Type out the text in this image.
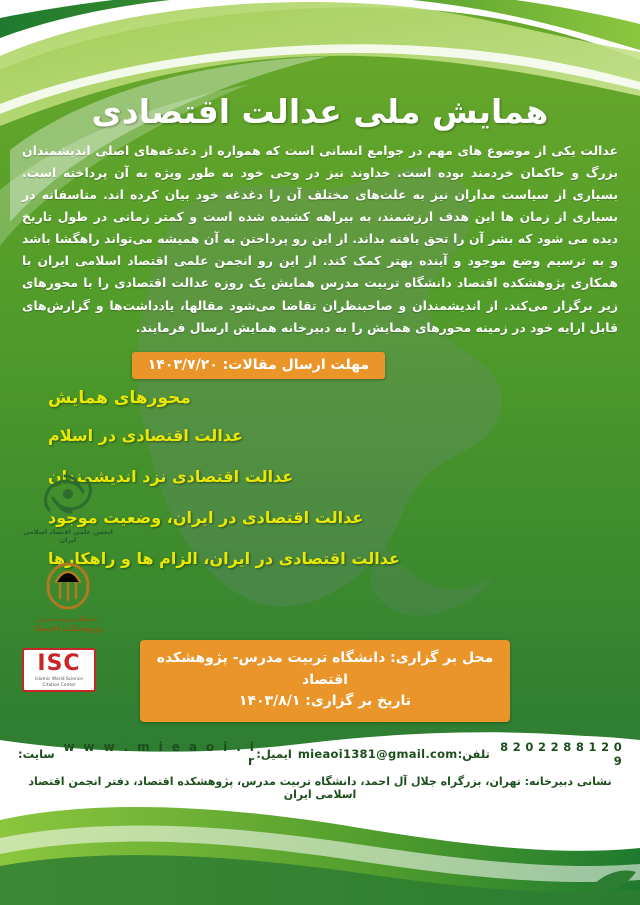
همایش ملی عدالت اقتصادی
عدالت یکی از موضوع های مهم در جوامع انسانی است که همواره از دغدغه‌های اصلی اندیشمندان بزرگ و حاکمان خردمند بوده است. خداوند نیز در وحی خود به طور ویژه به آن پرداخته است. بسیاری از سیاست مداران نیز به علت‌های مختلف آن را دغدغه خود بیان کرده اند. متاسفانه در بسیاری از زمان ها این هدف ارزشمند، به بیراهه کشیده شده است و کمتر زمانی در طول تاریخ دیده می شود که بشر آن را تحق یافته بداند. از این رو پرداختن به آن همیشه می‌تواند راهگشا باشد و به ترسیم وضع موجود و آینده بهتر کمک کند. از این رو انجمن علمی اقتصاد اسلامی ایران با همکاری پژوهشکده اقتصاد دانشگاه تربیت مدرس همایش یک روزه عدالت اقتصادی را با محورهای زیر برگزار می‌کند. از اندیشمندان و صاحبنظران تقاضا می‌شود مقالها، یادداشت‌ها و گزارش‌های قابل ارایه خود در زمینه محورهای همایش را به دبیرخانه همایش ارسال فرمایند.
مهلت ارسال مقالات: ۱۴۰۳/۷/۲۰
محورهای همایش
عدالت اقتصادی در اسلام
عدالت اقتصادی نزد اندیشمندان
عدالت اقتصادی در ایران، وضعیت موجود
عدالت اقتصادی در ایران، الزام ها و راهکارها
محل بر گزاری: دانشگاه تربیت مدرس- پژوهشکده اقتصاد
تاریخ بر گزاری: ۱۴۰۳/۸/۱
انجمن علمی اقتصاد اسلامی ایران
دانشگاه تربیت مدرس
پژوهشکده اقتصاد
ISC
Islamic World Science Citation Center
0 2 1 8 8 2 2 0 2 8 9
تلفن:
mieaoi1381@gmail.com
ایمیل:
w w w . m i e a o i . i r
سایت:
نشانی دبیرخانه: تهران، بزرگراه جلال آل احمد، دانشگاه تربیت مدرس، پژوهشکده اقتصاد، دفتر انجمن اقتصاد اسلامی ایران
